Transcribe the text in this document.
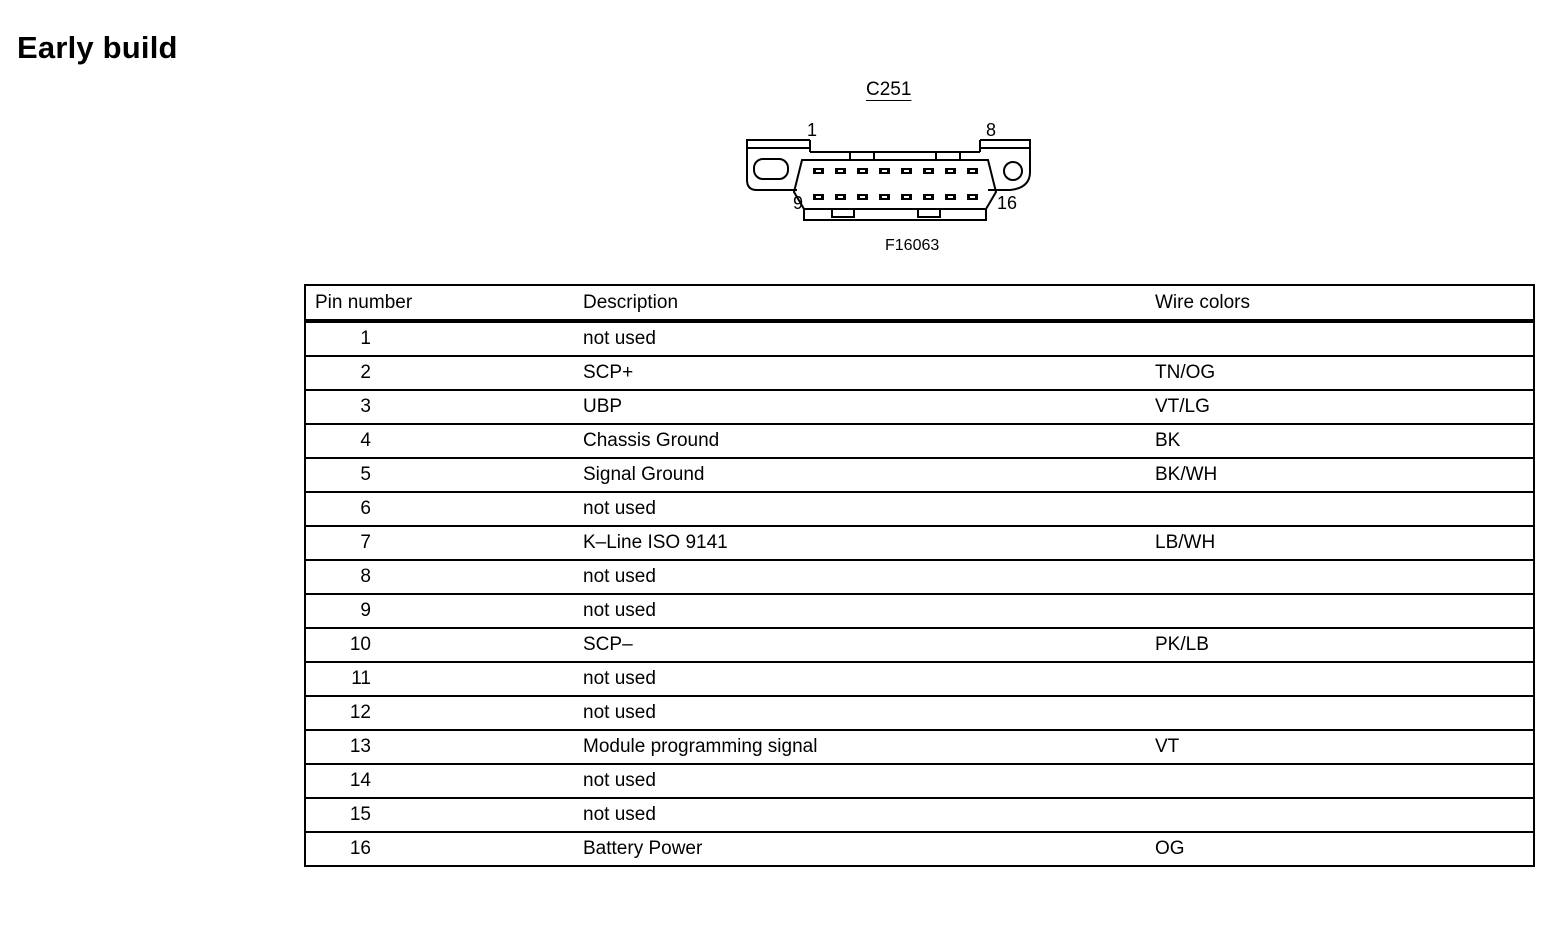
Early build
C251
1	8
9	16
F16063
Pin number	Description	Wire colors
1	not used	
2	SCP+	TN/OG
3	UBP	VT/LG
4	Chassis Ground	BK
5	Signal Ground	BK/WH
6	not used	
7	K–Line ISO 9141	LB/WH
8	not used	
9	not used	
10	SCP–	PK/LB
11	not used	
12	not used	
13	Module programming signal	VT
14	not used	
15	not used	
16	Battery Power	OG
